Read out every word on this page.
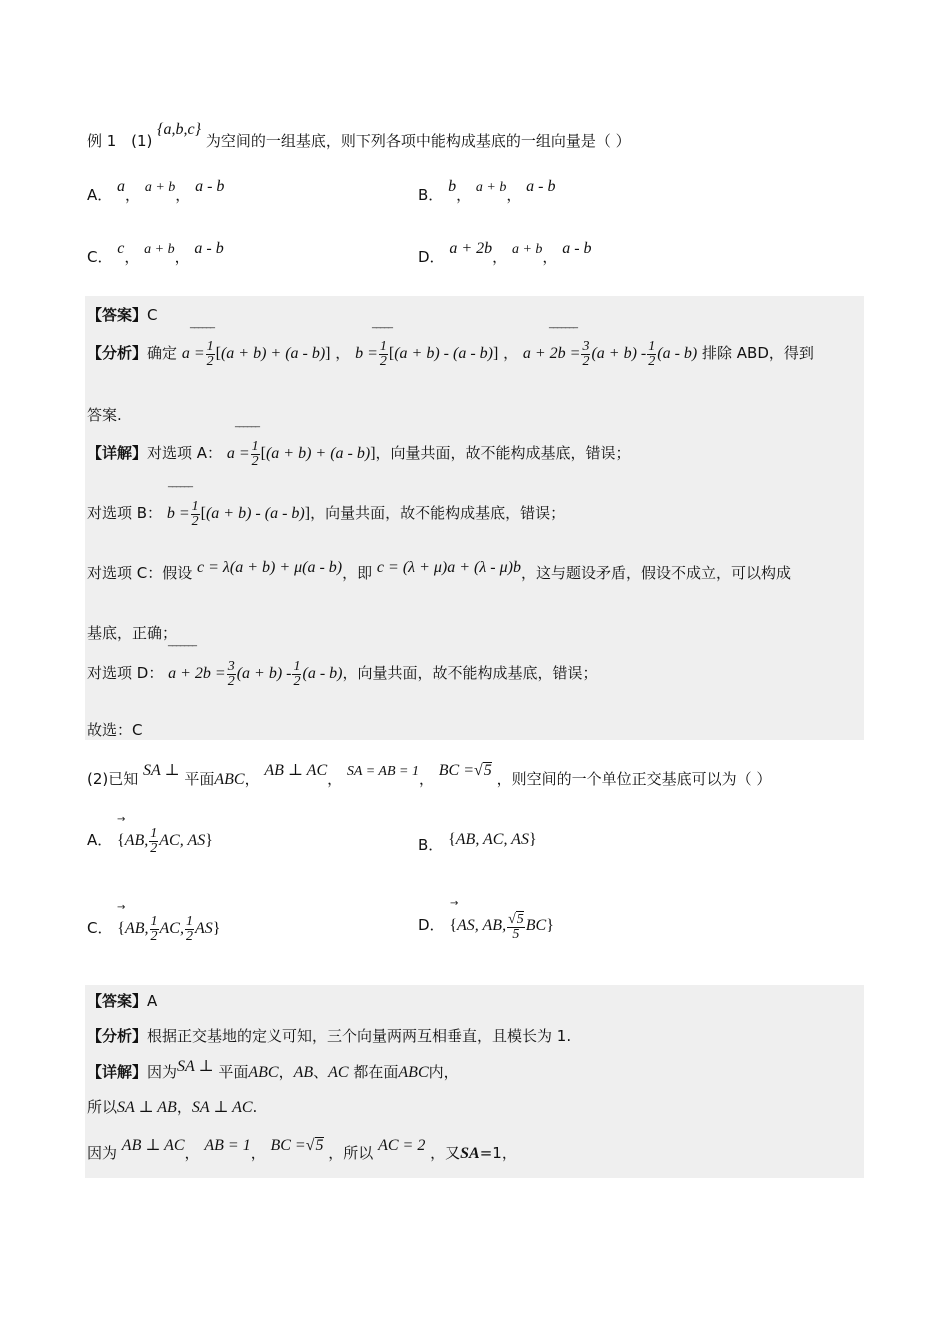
例 1 (1) {a,b,c} 为空间的一组基底，则下列各项中能构成基底的一组向量是（ ）
A． a， a + b， a - b	B． b， a + b， a - b
C． c， a + b， a - b	D． a + 2b， a + b， a - b
【答案】C
‾‾‾‾‾‾	‾‾‾‾‾	‾‾‾‾‾‾‾
【分析】确定 $a = \frac{1}{2} [(a + b) + (a - b)]$ ， $b = \frac{1}{2} [(a + b) - (a - b)]$ ， $a + 2b = \frac{3}{2} (a + b) - \frac{1}{2} (a - b)$ 排除 ABD，得到
答案.
‾‾‾‾‾‾
【详解】对选项 A： $a = \frac{1}{2} [(a + b) + (a - b)]$，向量共面，故不能构成基底，错误；
‾‾‾‾‾‾
对选项 B： $b = \frac{1}{2} [(a + b) - (a - b)]$，向量共面，故不能构成基底，错误；
对选项 C：假设 c = λ(a + b) + μ(a - b)，即 c = (λ + μ)a + (λ - μ)b，这与题设矛盾，假设不成立，可以构成
基底，正确；
‾‾‾‾‾‾‾
对选项 D： $a + 2b = \frac{3}{2} (a + b) - \frac{1}{2} (a - b)$，向量共面，故不能构成基底，错误；
故选：C
(2)已知 SA ⊥ 平面ABC， AB ⊥ AC， SA = AB = 1， BC =√5 ，则空间的一个单位正交基底可以为（ ）
→
A． {AB, $\frac{1}{2}$ AC, AS}	B． {AB, AC, AS}
→
C． {AB, $\frac{1}{2}$ AC, $\frac{1}{2} AS$}
→
D． {AS, AB, $\frac{√5}{5} BC$}
【答案】A
【分析】根据正交基地的定义可知，三个向量两两互相垂直，且模长为 1.
【详解】因为SA ⊥ 平面ABC，AB、AC 都在面ABC内，
所以SA ⊥ AB，SA ⊥ AC.
因为 AB ⊥ AC， AB = 1， BC =√5 ，所以 AC = 2 ，又SA=1，
